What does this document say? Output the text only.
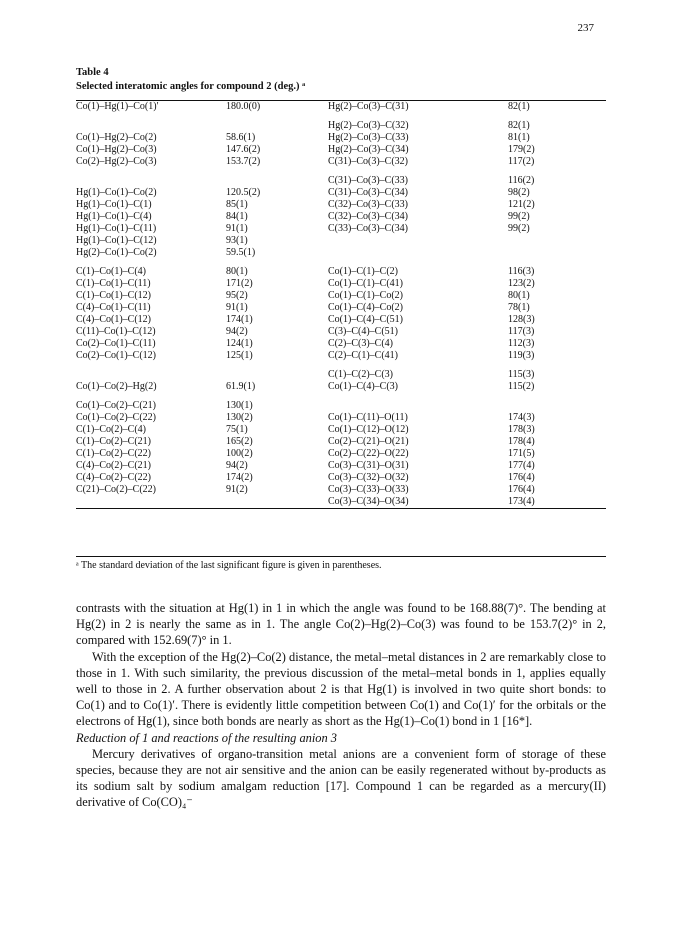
237
Table 4
Selected interatomic angles for compound 2 (deg.) ᵃ
Co(1)–Hg(1)–Co(1)′	180.0(0)	Hg(2)–Co(3)–C(31)	82(1)

		Hg(2)–Co(3)–C(32)	82(1)
Co(1)–Hg(2)–Co(2)	58.6(1)	Hg(2)–Co(3)–C(33)	81(1)
Co(1)–Hg(2)–Co(3)	147.6(2)	Hg(2)–Co(3)–C(34)	179(2)
Co(2)–Hg(2)–Co(3)	153.7(2)	C(31)–Co(3)–C(32)	117(2)

		C(31)–Co(3)–C(33)	116(2)
Hg(1)–Co(1)–Co(2)	120.5(2)	C(31)–Co(3)–C(34)	98(2)
Hg(1)–Co(1)–C(1)	85(1)	C(32)–Co(3)–C(33)	121(2)
Hg(1)–Co(1)–C(4)	84(1)	C(32)–Co(3)–C(34)	99(2)
Hg(1)–Co(1)–C(11)	91(1)	C(33)–Co(3)–C(34)	99(2)
Hg(1)–Co(1)–C(12)	93(1)		
Hg(2)–Co(1)–Co(2)	59.5(1)		

C(1)–Co(1)–C(4)	80(1)	Co(1)–C(1)–C(2)	116(3)
C(1)–Co(1)–C(11)	171(2)	Co(1)–C(1)–C(41)	123(2)
C(1)–Co(1)–C(12)	95(2)	Co(1)–C(1)–Co(2)	80(1)
C(4)–Co(1)–C(11)	91(1)	Co(1)–C(4)–Co(2)	78(1)
C(4)–Co(1)–C(12)	174(1)	Co(1)–C(4)–C(51)	128(3)
C(11)–Co(1)–C(12)	94(2)	C(3)–C(4)–C(51)	117(3)
Co(2)–Co(1)–C(11)	124(1)	C(2)–C(3)–C(4)	112(3)
Co(2)–Co(1)–C(12)	125(1)	C(2)–C(1)–C(41)	119(3)

		C(1)–C(2)–C(3)	115(3)
Co(1)–Co(2)–Hg(2)	61.9(1)	Co(1)–C(4)–C(3)	115(2)

Co(1)–Co(2)–C(21)	130(1)		
Co(1)–Co(2)–C(22)	130(2)	Co(1)–C(11)–O(11)	174(3)
C(1)–Co(2)–C(4)	75(1)	Co(1)–C(12)–O(12)	178(3)
C(1)–Co(2)–C(21)	165(2)	Co(2)–C(21)–O(21)	178(4)
C(1)–Co(2)–C(22)	100(2)	Co(2)–C(22)–O(22)	171(5)
C(4)–Co(2)–C(21)	94(2)	Co(3)–C(31)–O(31)	177(4)
C(4)–Co(2)–C(22)	174(2)	Co(3)–C(32)–O(32)	176(4)
C(21)–Co(2)–C(22)	91(2)	Co(3)–C(33)–O(33)	176(4)
		Co(3)–C(34)–O(34)	173(4)
ᵃ The standard deviation of the last significant figure is given in parentheses.

contrasts with the situation at Hg(1) in 1 in which the angle was found to be 168.88(7)°. The bending at Hg(2) in 2 is nearly the same as in 1. The angle Co(2)–Hg(2)–Co(3) was found to be 153.7(2)° in 2, compared with 152.69(7)° in 1.

With the exception of the Hg(2)–Co(2) distance, the metal–metal distances in 2 are remarkably close to those in 1. With such similarity, the previous discussion of the metal–metal bonds in 1, applies equally well to those in 2. A further observation about 2 is that Hg(1) is involved in two quite short bonds: to Co(1) and to Co(1)′. There is evidently little competition between Co(1) and Co(1)′ for the orbitals or the electrons of Hg(1), since both bonds are nearly as short as the Hg(1)–Co(1) bond in 1 [16*].

Reduction of 1 and reactions of the resulting anion 3

Mercury derivatives of organo-transition metal anions are a convenient form of storage of these species, because they are not air sensitive and the anion can be easily regenerated without by-products as its sodium salt by sodium amalgam reduction [17]. Compound 1 can be regarded as a mercury(II) derivative of Co(CO)₄⁻
